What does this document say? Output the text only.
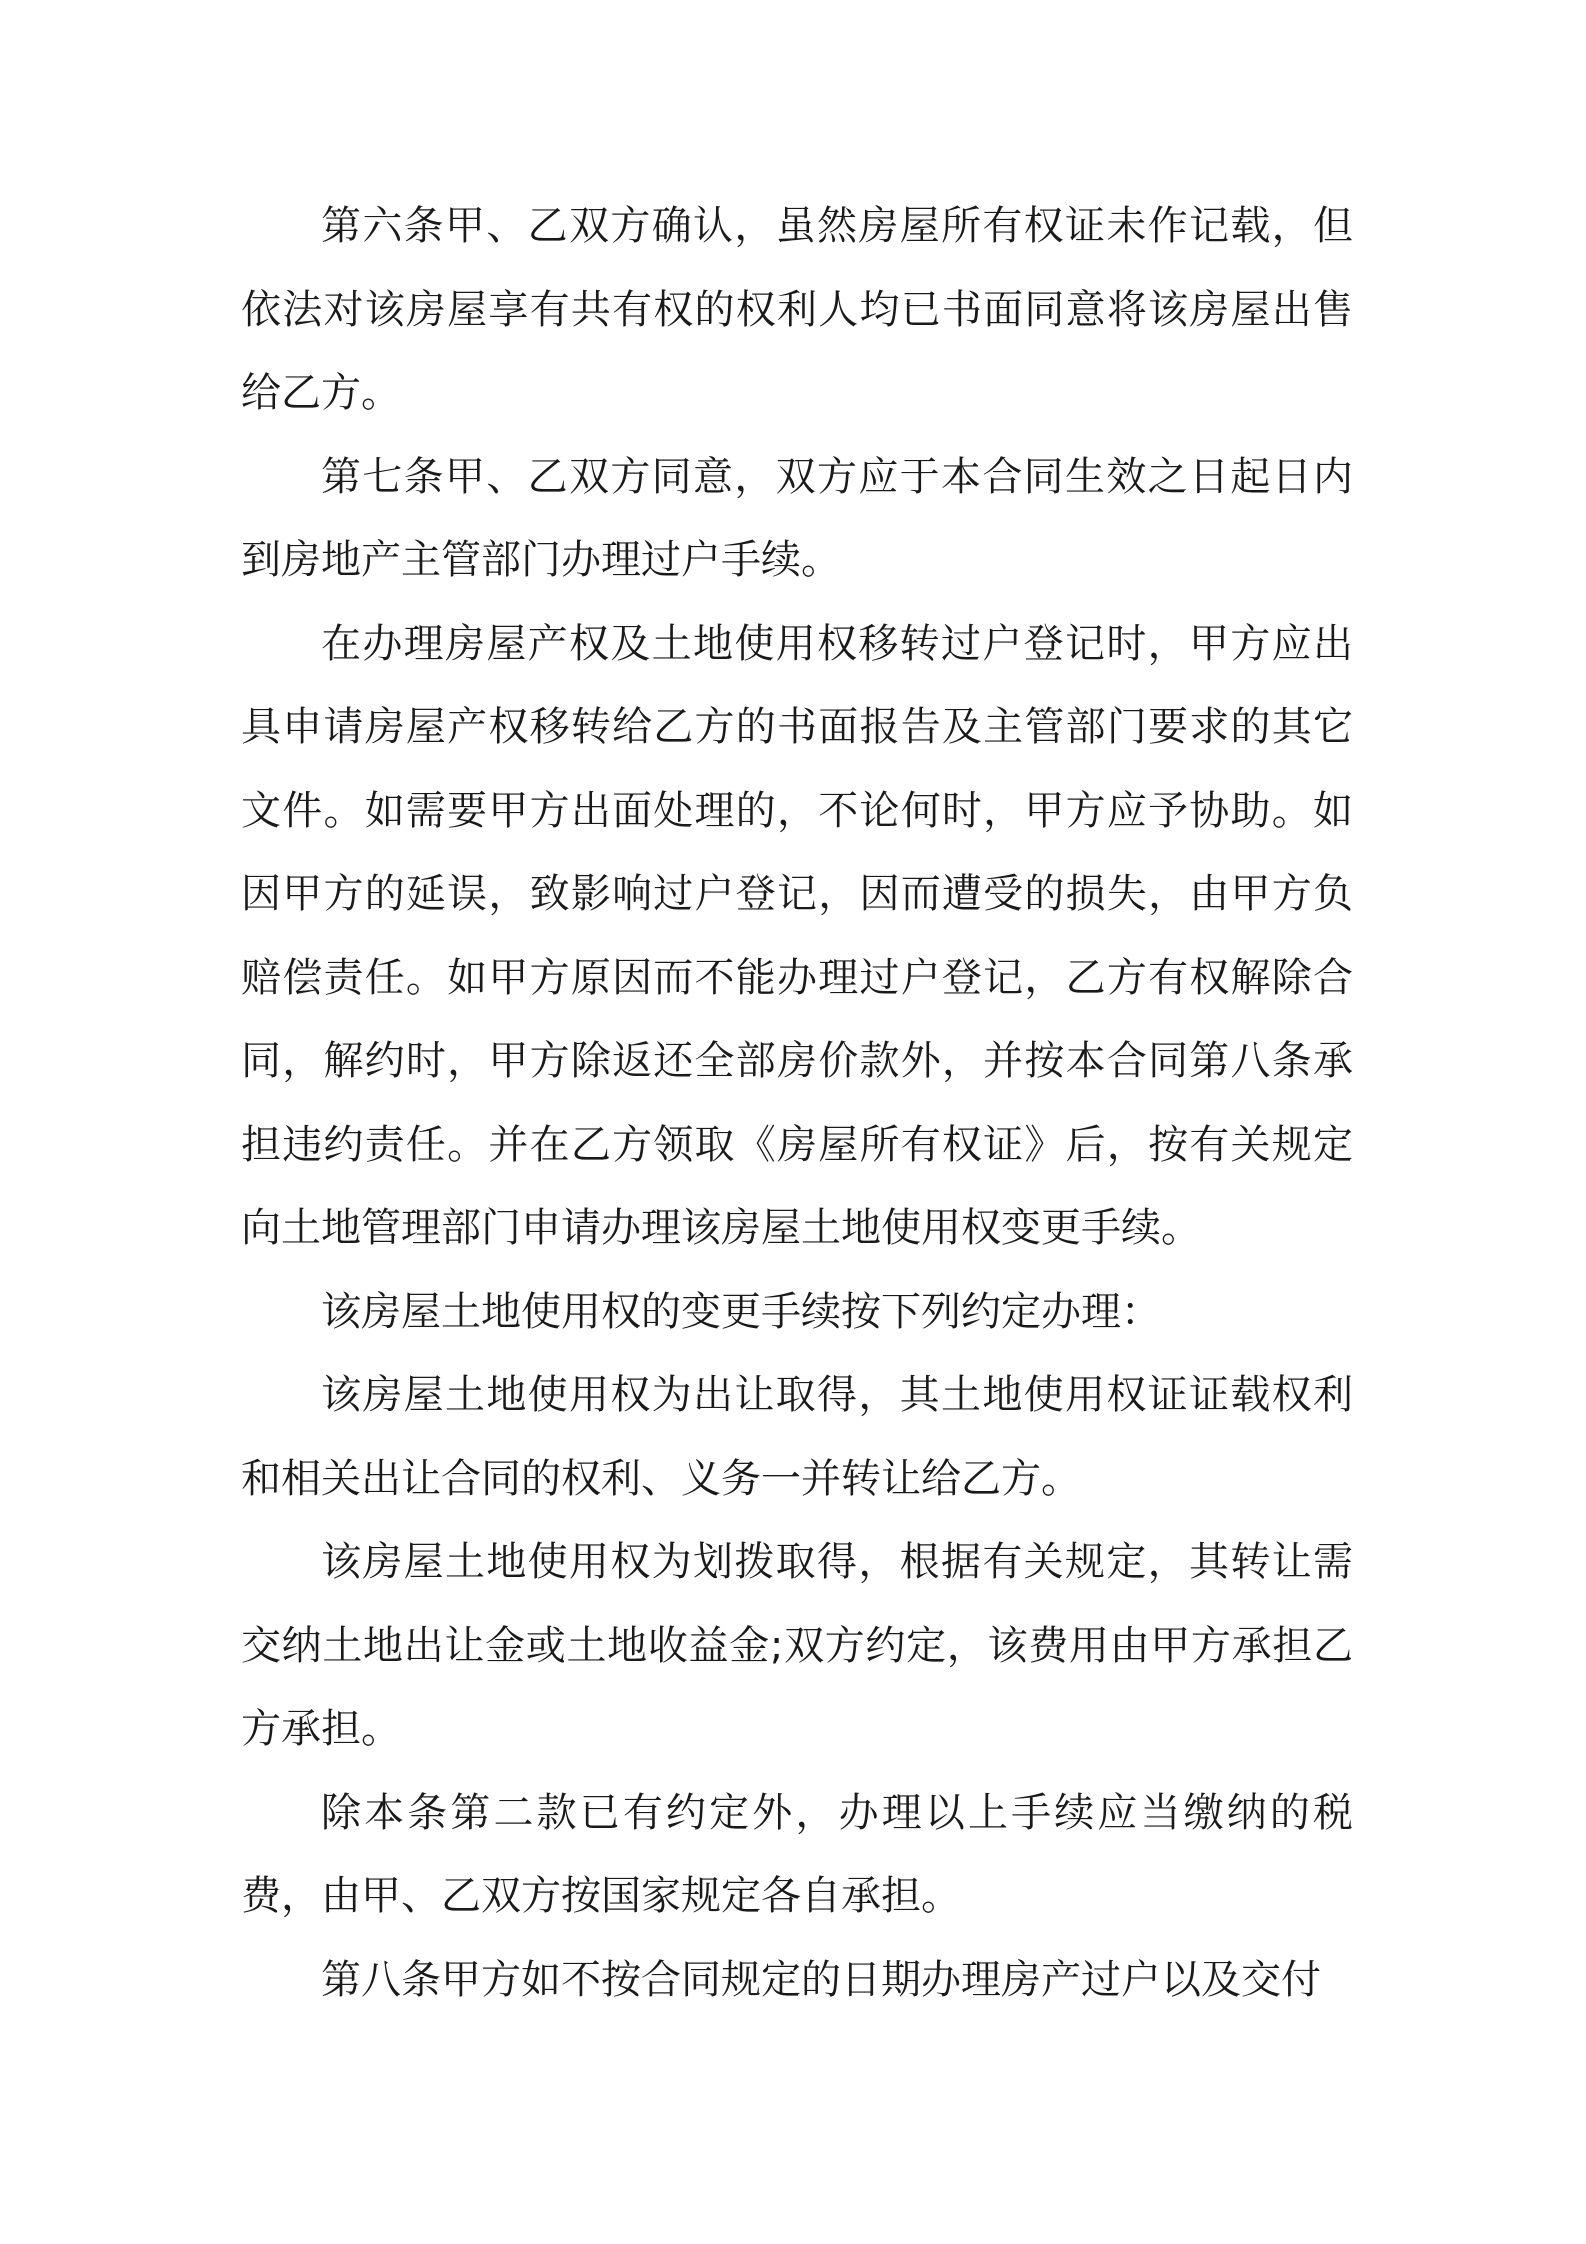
第六条甲、乙双方确认，虽然房屋所有权证未作记载，但依法对该房屋享有共有权的权利人均已书面同意将该房屋出售给乙方。

第七条甲、乙双方同意，双方应于本合同生效之日起日内到房地产主管部门办理过户手续。

在办理房屋产权及土地使用权移转过户登记时，甲方应出具申请房屋产权移转给乙方的书面报告及主管部门要求的其它文件。如需要甲方出面处理的，不论何时，甲方应予协助。如因甲方的延误，致影响过户登记，因而遭受的损失，由甲方负赔偿责任。如甲方原因而不能办理过户登记，乙方有权解除合同，解约时，甲方除返还全部房价款外，并按本合同第八条承担违约责任。并在乙方领取《房屋所有权证》后，按有关规定向土地管理部门申请办理该房屋土地使用权变更手续。

该房屋土地使用权的变更手续按下列约定办理：

该房屋土地使用权为出让取得，其土地使用权证证载权利和相关出让合同的权利、义务一并转让给乙方。

该房屋土地使用权为划拨取得，根据有关规定，其转让需交纳土地出让金或土地收益金;双方约定，该费用由甲方承担乙方承担。

除本条第二款已有约定外，办理以上手续应当缴纳的税费，由甲、乙双方按国家规定各自承担。

第八条甲方如不按合同规定的日期办理房产过户以及交付
